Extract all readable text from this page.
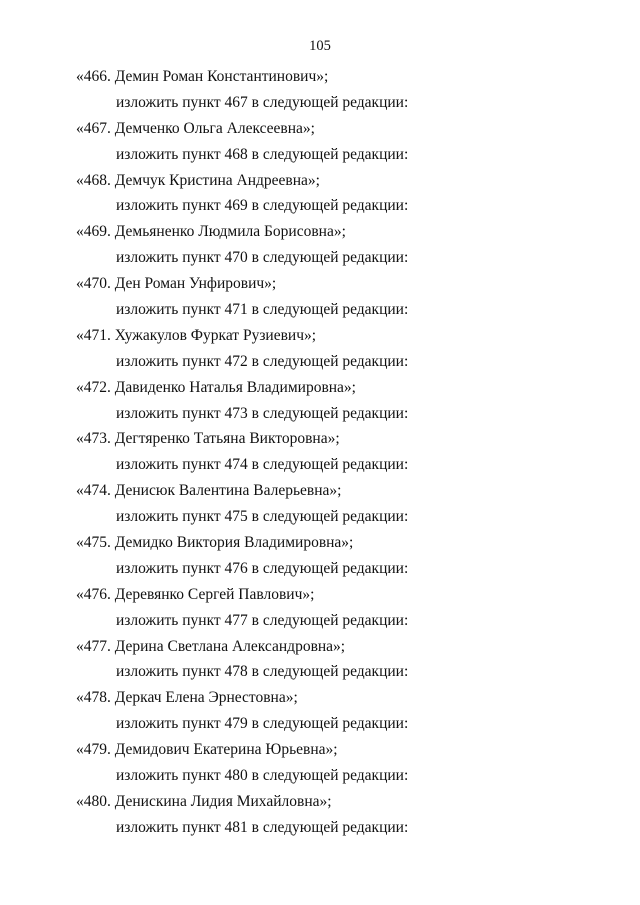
105
«466. Демин Роман Константинович»;
изложить пункт 467 в следующей редакции:
«467. Демченко Ольга Алексеевна»;
изложить пункт 468 в следующей редакции:
«468. Демчук Кристина Андреевна»;
изложить пункт 469 в следующей редакции:
«469. Демьяненко Людмила Борисовна»;
изложить пункт 470 в следующей редакции:
«470. Ден Роман Унфирович»;
изложить пункт 471 в следующей редакции:
«471. Хужакулов Фуркат Рузиевич»;
изложить пункт 472 в следующей редакции:
«472. Давиденко Наталья Владимировна»;
изложить пункт 473 в следующей редакции:
«473. Дегтяренко Татьяна Викторовна»;
изложить пункт 474 в следующей редакции:
«474. Денисюк Валентина Валерьевна»;
изложить пункт 475 в следующей редакции:
«475. Демидко Виктория Владимировна»;
изложить пункт 476 в следующей редакции:
«476. Деревянко Сергей Павлович»;
изложить пункт 477 в следующей редакции:
«477. Дерина Светлана Александровна»;
изложить пункт 478 в следующей редакции:
«478. Деркач Елена Эрнестовна»;
изложить пункт 479 в следующей редакции:
«479. Демидович Екатерина Юрьевна»;
изложить пункт 480 в следующей редакции:
«480. Денискина Лидия Михайловна»;
изложить пункт 481 в следующей редакции:
